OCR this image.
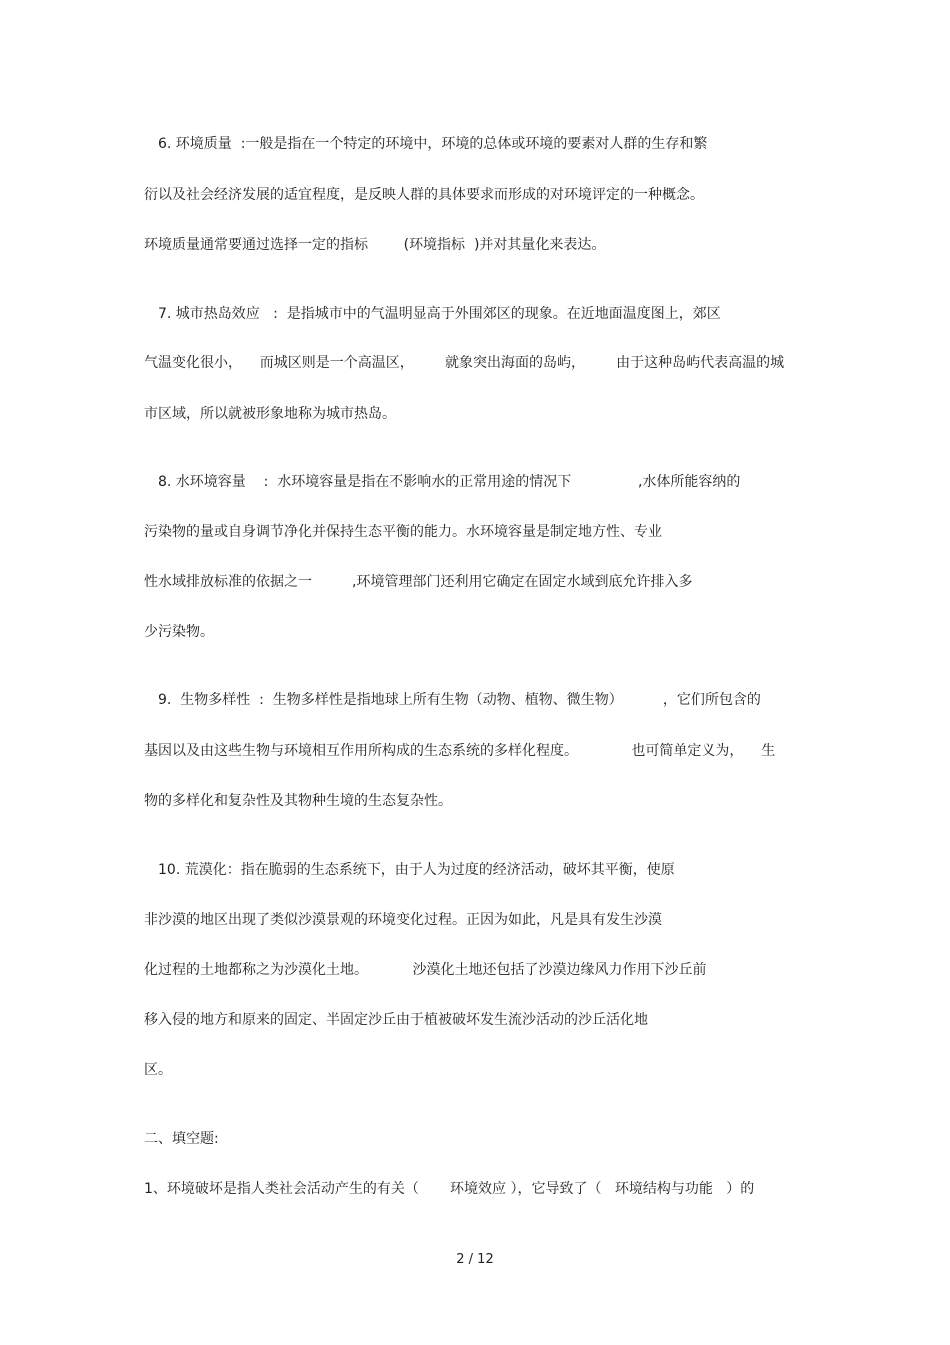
6. 环境质量  :一般是指在一个特定的环境中，环境的总体或环境的要素对人群的生存和繁
衍以及社会经济发展的适宜程度，是反映人群的具体要求而形成的对环境评定的一种概念。
环境质量通常要通过选择一定的指标        (环境指标  )并对其量化来表达。
7. 城市热岛效应   :  是指城市中的气温明显高于外围郊区的现象。在近地面温度图上，郊区
气温变化很小，    而城区则是一个高温区，       就象突出海面的岛屿，       由于这种岛屿代表高温的城
市区域，所以就被形象地称为城市热岛。
8. 水环境容量    :  水环境容量是指在不影响水的正常用途的情况下               ,水体所能容纳的
污染物的量或自身调节净化并保持生态平衡的能力。水环境容量是制定地方性、专业
性水域排放标准的依据之一         ,环境管理部门还利用它确定在固定水域到底允许排入多
少污染物。
9.  生物多样性  :  生物多样性是指地球上所有生物（动物、植物、微生物）         ，它们所包含的
基因以及由这些生物与环境相互作用所构成的生态系统的多样化程度。            也可简单定义为，    生
物的多样化和复杂性及其物种生境的生态复杂性。
10. 荒漠化：指在脆弱的生态系统下，由于人为过度的经济活动，破坏其平衡，使原
非沙漠的地区出现了类似沙漠景观的环境变化过程。正因为如此，凡是具有发生沙漠
化过程的土地都称之为沙漠化土地。          沙漠化土地还包括了沙漠边缘风力作用下沙丘前
移入侵的地方和原来的固定、半固定沙丘由于植被破坏发生流沙活动的沙丘活化地
区。
二、填空题:
1、环境破坏是指人类社会活动产生的有关（       环境效应 ），它导致了（   环境结构与功能   ）的
2 / 12
